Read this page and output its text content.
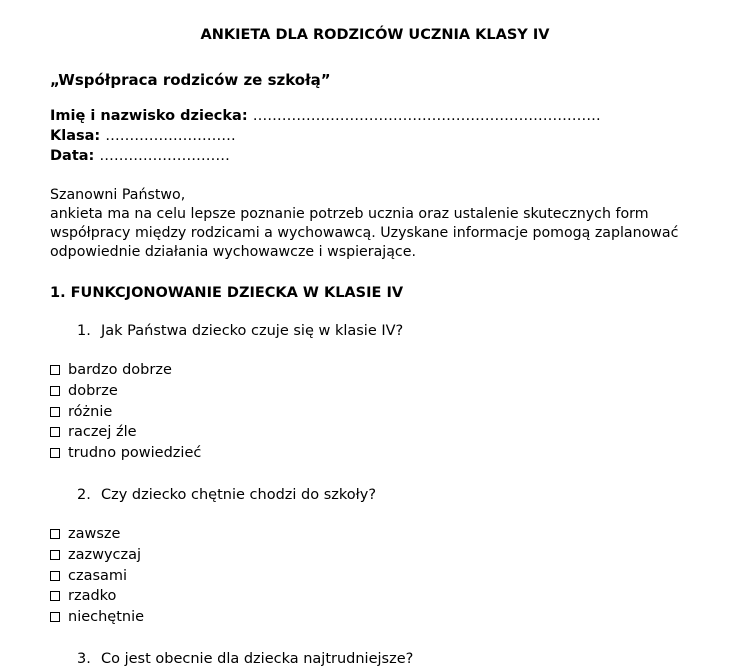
ANKIETA DLA RODZICÓW UCZNIA KLASY IV
„Współpraca rodziców ze szkołą”
Imię i nazwisko dziecka: ………………………………………………………………
Klasa: ………………………
Data: ………………………
Szanowni Państwo,
ankieta ma na celu lepsze poznanie potrzeb ucznia oraz ustalenie skutecznych form
współpracy między rodzicami a wychowawcą. Uzyskane informacje pomogą zaplanować
odpowiednie działania wychowawcze i wspierające.
1. FUNKCJONOWANIE DZIECKA W KLASIE IV
1. Jak Państwa dziecko czuje się w klasie IV?
bardzo dobrze
dobrze
różnie
raczej źle
trudno powiedzieć
2. Czy dziecko chętnie chodzi do szkoły?
zawsze
zazwyczaj
czasami
rzadko
niechętnie
3. Co jest obecnie dla dziecka najtrudniejsze?
